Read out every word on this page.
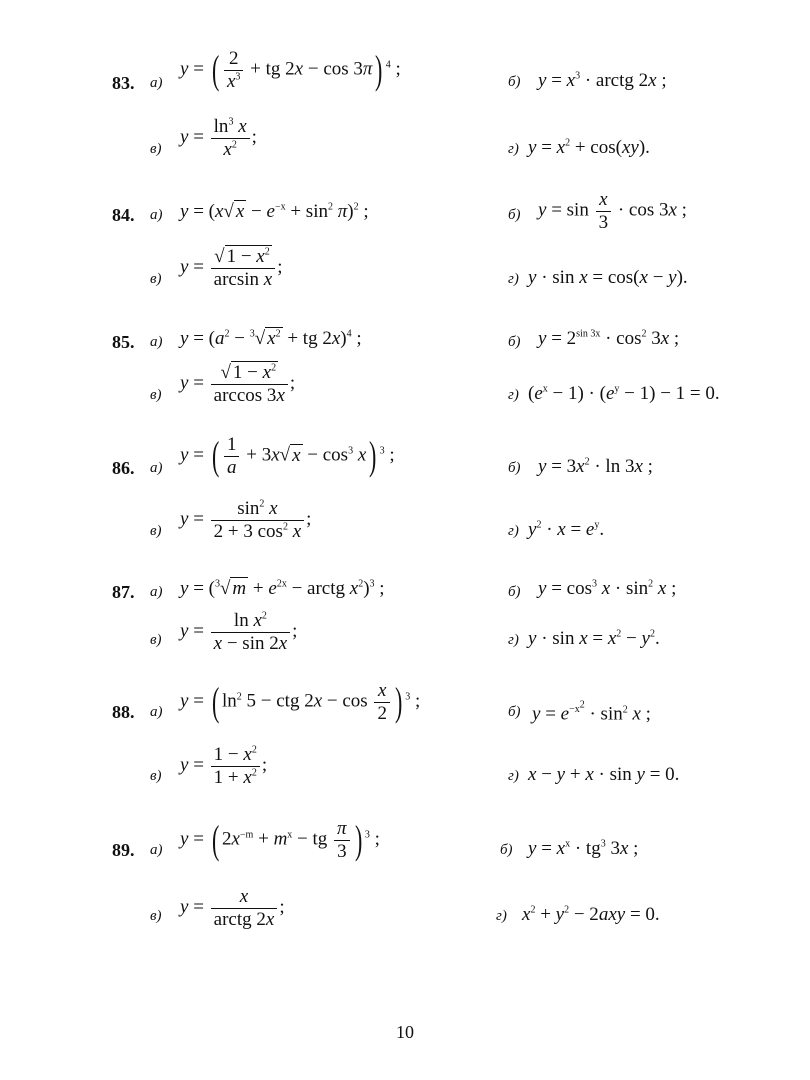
83. а)
y = ( $\frac{2}{x^3}$ + tg 2x − cos 3π) $^4$ ;
б) $y = x^3$ · arctg 2x ;
в)
$y = \frac{\ln^3 x}{x^2}$ ;
г) $y = x^2 + \cos(xy)$.
84. а) y = (x√ $x - e^{-x} + \sin^2 \pi)^2$ ;	б) $y = \sin \frac{x}{3} \cdot \cos 3x$ ;
в)
$y = \frac{√ 1 - x^2}{\text{arcsin x}}$ ;
г) y · sin x = cos(x − y).
85. а) $y = (a^2 - ^3√$ $x^2$ + tg 2x)$^4$ ;	б) $y = 2^{sin 3x} \cdot \cos^2 3x$ ;
в)
$y = \frac{√ 1 - x^2}{\arccos 3x}$ ;
г) $(e^x - 1) \cdot (e^y - 1) - 1 = 0$.
86. а)
y = ( $\frac{1}{a} + 3x√$ $x - \cos^3 x$) $^3$ ;
б) $y = 3x^2 \cdot \ln 3x$ ;
в)
$y = \frac{\sin^2 x}{2 + 3 \cos^2 x}$ ;
г) $y^2 \cdot x = e^y$.
87. а) y = ($^3$√ $m + e^{2x}$ − arctg $x^2)^3$ ;	б) $y = \cos^3 x \cdot \sin^2 x$ ;
в) $y = \frac{\ln x^2}{x - \sin 2x}$ ;	г) $y \cdot \sin x = x^2 - y^2$.
88. а)
y = ( $\ln^2 5$ − ctg $2x - \cos \frac{x}{2}$ ) $^3$ ;
б) $y = e^{-x^2} \cdot \sin^2 x$ ;
в)
$y = \frac{1 - x^2}{1 + x^2}$ ;
г) x − y + x · sin y = 0.
89. а)
y = ( $2x^{-m} + m^x$ − tg $\frac{\pi}{3}$ ) $^3$ ;
б) $y = x^x \cdot tg^3$ 3x ;
в) $y = \frac{x}{\text{arctg 2x}}$ ;	г) $x^2 + y^2 - 2axy = 0$.
10
